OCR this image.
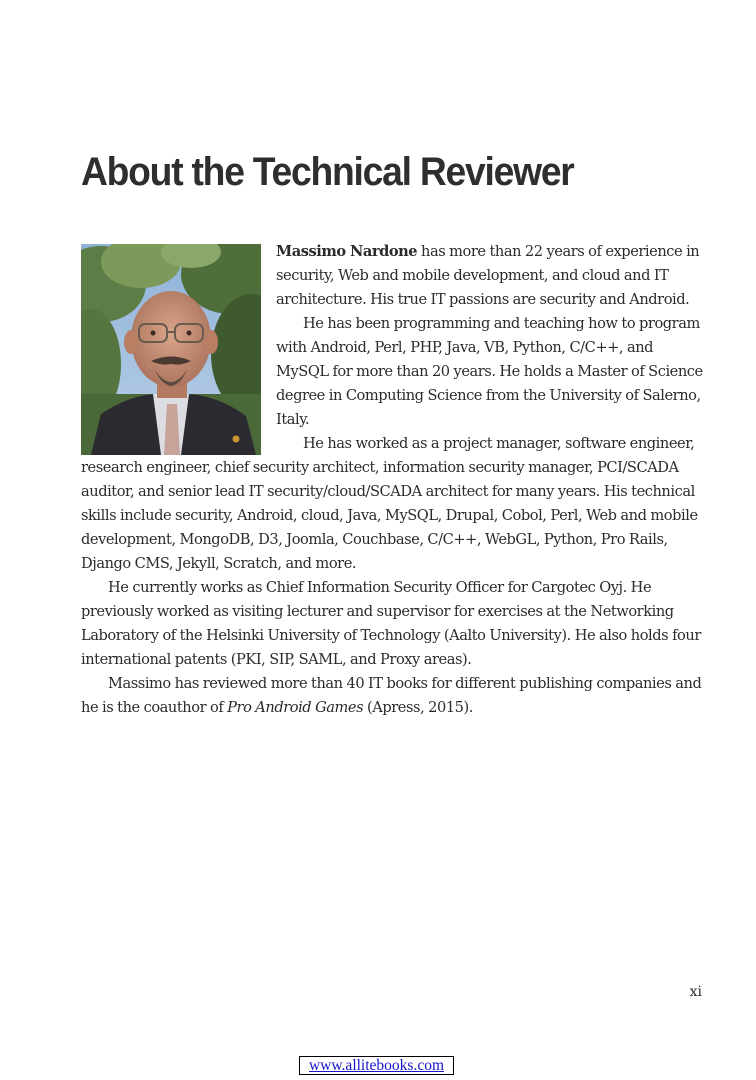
About the Technical Reviewer

Massimo Nardone has more than 22 years of experience in security, Web and mobile development, and cloud and IT architecture. His true IT passions are security and Android.

He has been programming and teaching how to program with Android, Perl, PHP, Java, VB, Python, C/C++, and MySQL for more than 20 years. He holds a Master of Science degree in Computing Science from the University of Salerno, Italy.

He has worked as a project manager, software engineer, research engineer, chief security architect, information security manager, PCI/SCADA auditor, and senior lead IT security/cloud/SCADA architect for many years. His technical skills include security, Android, cloud, Java, MySQL, Drupal, Cobol, Perl, Web and mobile development, MongoDB, D3, Joomla, Couchbase, C/C++, WebGL, Python, Pro Rails, Django CMS, Jekyll, Scratch, and more.

He currently works as Chief Information Security Officer for Cargotec Oyj. He previously worked as visiting lecturer and supervisor for exercises at the Networking Laboratory of the Helsinki University of Technology (Aalto University). He also holds four international patents (PKI, SIP, SAML, and Proxy areas).

Massimo has reviewed more than 40 IT books for different publishing companies and he is the coauthor of Pro Android Games (Apress, 2015).

xi
www.allitebooks.com
